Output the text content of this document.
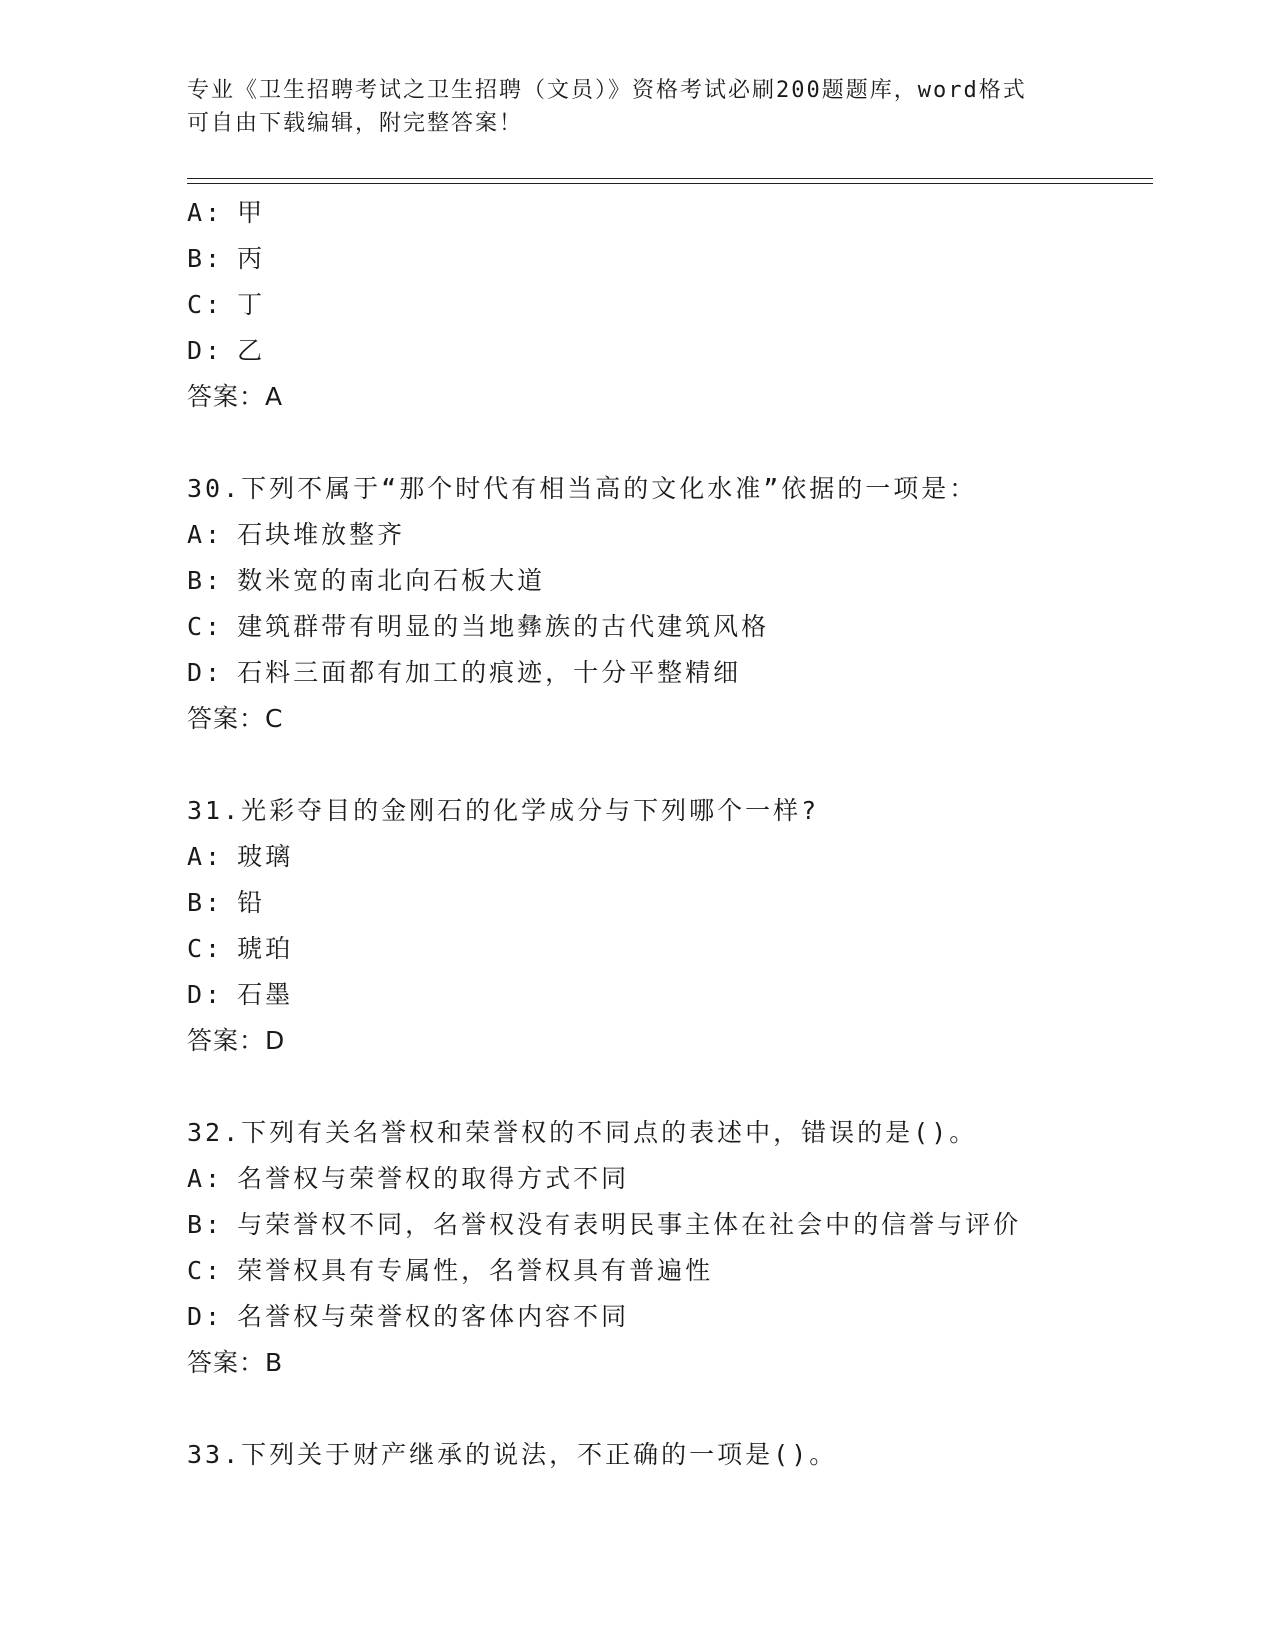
专业《卫生招聘考试之卫生招聘（文员）》资格考试必刷200题题库，word格式
可自由下载编辑，附完整答案！
A: 甲
B: 丙
C: 丁
D: 乙
答案：A
30.下列不属于“那个时代有相当高的文化水准”依据的一项是：
A: 石块堆放整齐
B: 数米宽的南北向石板大道
C: 建筑群带有明显的当地彝族的古代建筑风格
D: 石料三面都有加工的痕迹，十分平整精细
答案：C
31.光彩夺目的金刚石的化学成分与下列哪个一样?
A: 玻璃
B: 铅
C: 琥珀
D: 石墨
答案：D
32.下列有关名誉权和荣誉权的不同点的表述中，错误的是()。
A: 名誉权与荣誉权的取得方式不同
B: 与荣誉权不同，名誉权没有表明民事主体在社会中的信誉与评价
C: 荣誉权具有专属性，名誉权具有普遍性
D: 名誉权与荣誉权的客体内容不同
答案：B
33.下列关于财产继承的说法，不正确的一项是()。
